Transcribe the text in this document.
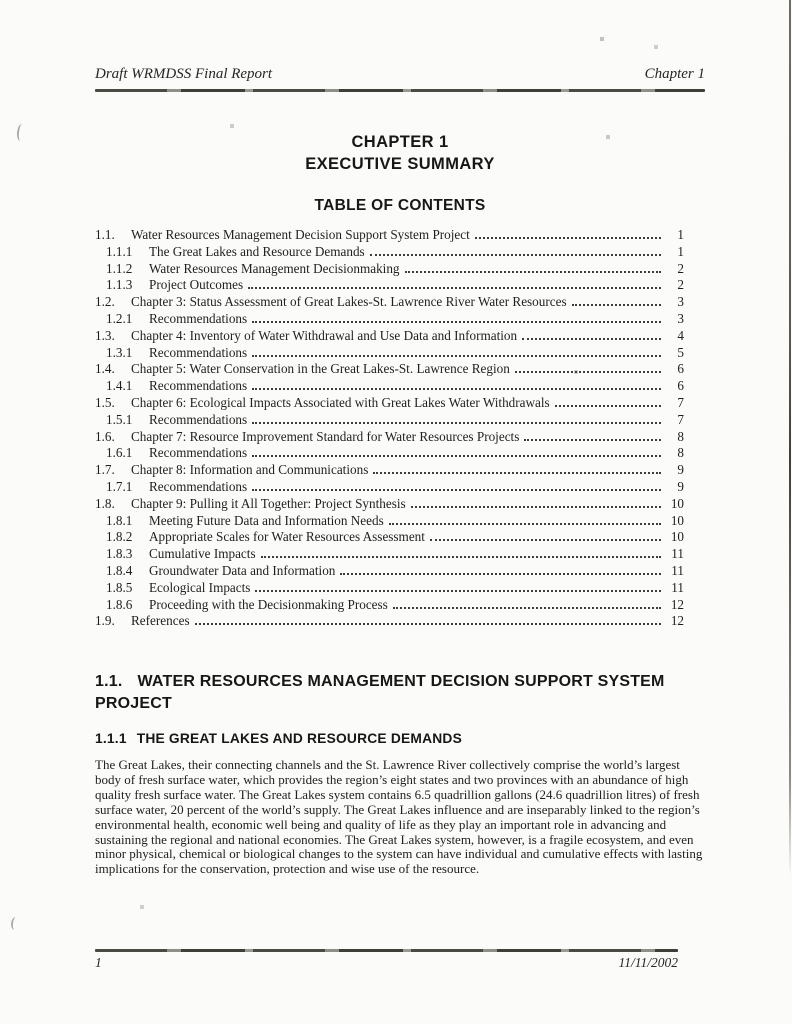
Draft WRMDSS Final Report	Chapter 1
CHAPTER 1
EXECUTIVE SUMMARY
TABLE OF CONTENTS
1.1.	Water Resources Management Decision Support System Project	1
1.1.1	The Great Lakes and Resource Demands	1
1.1.2	Water Resources Management Decisionmaking	2
1.1.3	Project Outcomes	2
1.2.	Chapter 3: Status Assessment of Great Lakes-St. Lawrence River Water Resources	3
1.2.1	Recommendations	3
1.3.	Chapter 4: Inventory of Water Withdrawal and Use Data and Information	4
1.3.1	Recommendations	5
1.4.	Chapter 5: Water Conservation in the Great Lakes-St. Lawrence Region	6
1.4.1	Recommendations	6
1.5.	Chapter 6: Ecological Impacts Associated with Great Lakes Water Withdrawals	7
1.5.1	Recommendations	7
1.6.	Chapter 7: Resource Improvement Standard for Water Resources Projects	8
1.6.1	Recommendations	8
1.7.	Chapter 8: Information and Communications	9
1.7.1	Recommendations	9
1.8.	Chapter 9: Pulling it All Together: Project Synthesis	10
1.8.1	Meeting Future Data and Information Needs	10
1.8.2	Appropriate Scales for Water Resources Assessment	10
1.8.3	Cumulative Impacts	11
1.8.4	Groundwater Data and Information	11
1.8.5	Ecological Impacts	11
1.8.6	Proceeding with the Decisionmaking Process	12
1.9.	References	12
1.1. WATER RESOURCES MANAGEMENT DECISION SUPPORT SYSTEM PROJECT
1.1.1 THE GREAT LAKES AND RESOURCE DEMANDS

The Great Lakes, their connecting channels and the St. Lawrence River collectively comprise the world’s largest body of fresh surface water, which provides the region’s eight states and two provinces with an abundance of high quality fresh surface water. The Great Lakes system contains 6.5 quadrillion gallons (24.6 quadrillion litres) of fresh surface water, 20 percent of the world’s supply. The Great Lakes influence and are inseparably linked to the region’s environmental health, economic well being and quality of life as they play an important role in advancing and sustaining the regional and national economies. The Great Lakes system, however, is a fragile ecosystem, and even minor physical, chemical or biological changes to the system can have individual and cumulative effects with lasting implications for the conservation, protection and wise use of the resource.

1	11/11/2002
